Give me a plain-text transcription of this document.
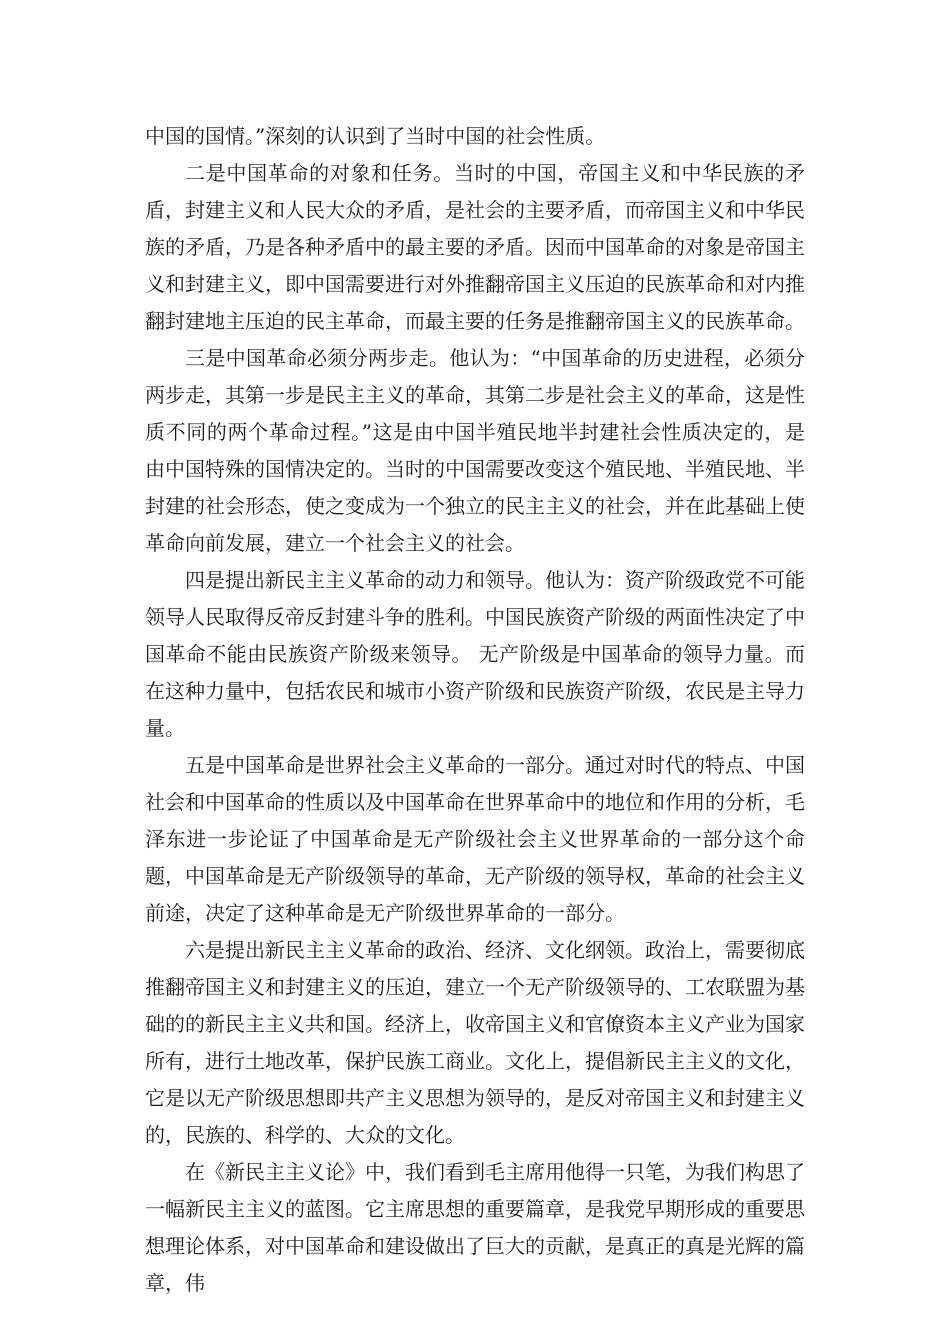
中国的国情。”深刻的认识到了当时中国的社会性质。

二是中国革命的对象和任务。当时的中国，帝国主义和中华民族的矛盾，封建主义和人民大众的矛盾，是社会的主要矛盾，而帝国主义和中华民族的矛盾，乃是各种矛盾中的最主要的矛盾。因而中国革命的对象是帝国主义和封建主义，即中国需要进行对外推翻帝国主义压迫的民族革命和对内推翻封建地主压迫的民主革命，而最主要的任务是推翻帝国主义的民族革命。

三是中国革命必须分两步走。他认为：“中国革命的历史进程，必须分两步走，其第一步是民主主义的革命，其第二步是社会主义的革命，这是性质不同的两个革命过程。”这是由中国半殖民地半封建社会性质决定的，是由中国特殊的国情决定的。当时的中国需要改变这个殖民地、半殖民地、半封建的社会形态，使之变成为一个独立的民主主义的社会，并在此基础上使革命向前发展，建立一个社会主义的社会。

四是提出新民主主义革命的动力和领导。他认为：资产阶级政党不可能领导人民取得反帝反封建斗争的胜利。中国民族资产阶级的两面性决定了中国革命不能由民族资产阶级来领导。 无产阶级是中国革命的领导力量。而在这种力量中，包括农民和城市小资产阶级和民族资产阶级，农民是主导力量。

五是中国革命是世界社会主义革命的一部分。通过对时代的特点、中国社会和中国革命的性质以及中国革命在世界革命中的地位和作用的分析，毛泽东进一步论证了中国革命是无产阶级社会主义世界革命的一部分这个命题，中国革命是无产阶级领导的革命，无产阶级的领导权，革命的社会主义前途，决定了这种革命是无产阶级世界革命的一部分。

六是提出新民主主义革命的政治、经济、文化纲领。政治上，需要彻底推翻帝国主义和封建主义的压迫，建立一个无产阶级领导的、工农联盟为基础的的新民主主义共和国。经济上，收帝国主义和官僚资本主义产业为国家所有，进行土地改革，保护民族工商业。文化上，提倡新民主主义的文化，它是以无产阶级思想即共产主义思想为领导的，是反对帝国主义和封建主义的，民族的、科学的、大众的文化。

在《新民主主义论》中，我们看到毛主席用他得一只笔，为我们构思了一幅新民主主义的蓝图。它主席思想的重要篇章，是我党早期形成的重要思想理论体系，对中国革命和建设做出了巨大的贡献，是真正的真是光辉的篇章，伟
